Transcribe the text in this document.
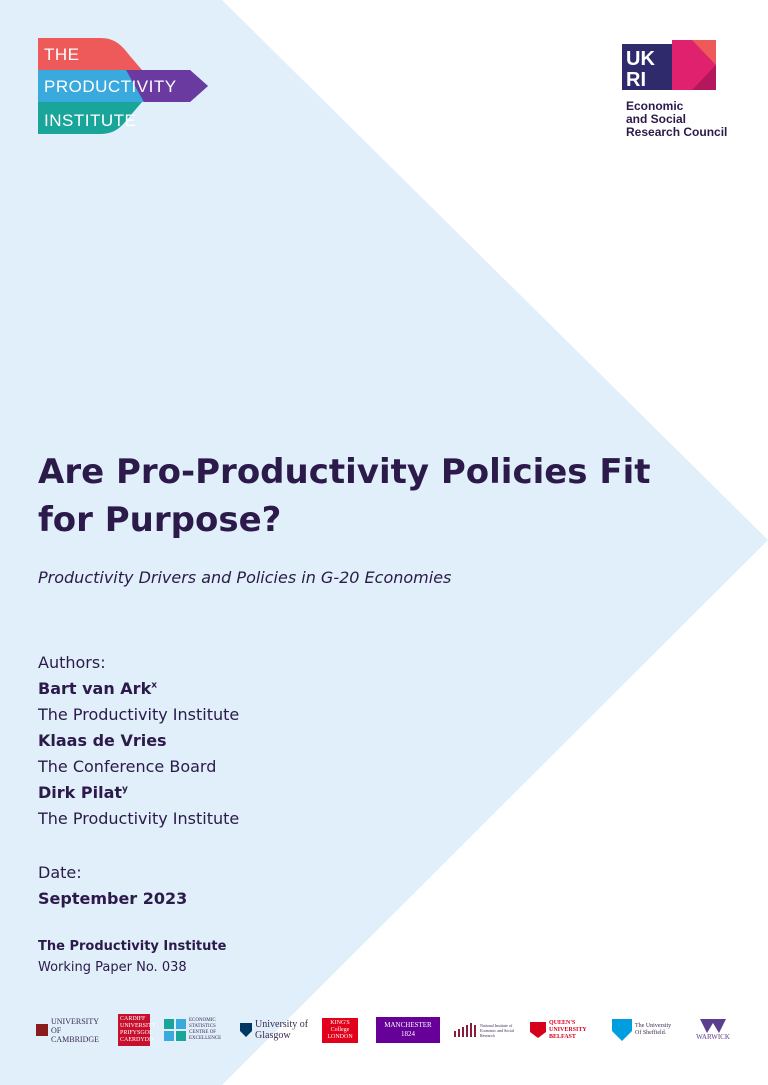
THE
PRODUCTIVITY
INSTITUTE
UK
RI
Economic
and Social
Research Council
Are Pro-Productivity Policies Fit
for Purpose?
Productivity Drivers and Policies in G-20 Economies
Authors:
Bart van Ark$^x$
The Productivity Institute
Klaas de Vries
The Conference Board
Dirk Pilat$^y$
The Productivity Institute
Date:
September 2023
The Productivity Institute
Working Paper No. 038
UNIVERSITY OF CAMBRIDGE
CARDIFF UNIVERSITY PRIFYSGOL CAERDYDD
ECONOMIC STATISTICS CENTRE OF EXCELLENCE
University of Glasgow
KING'S College LONDON
MANCHESTER 1824
National Institute of Economic and Social Research
QUEEN'S UNIVERSITY BELFAST
The University Of Sheffield.	WARWICK
